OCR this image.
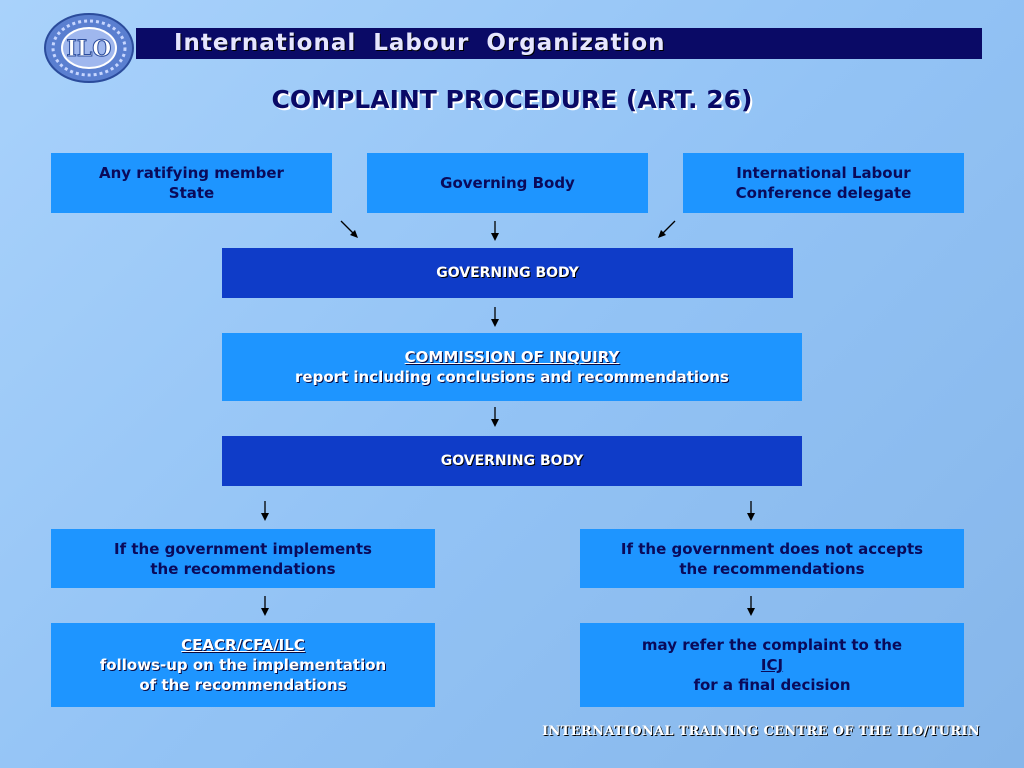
ILO	International Labour Organization
COMPLAINT PROCEDURE (ART. 26)
Any ratifying member
State
Governing Body
International Labour
Conference delegate
GOVERNING BODY
COMMISSION OF INQUIRY
report including conclusions and recommendations
GOVERNING BODY
If the government implements
the recommendations
If the government does not accepts
the recommendations
CEACR/CFA/ILC
follows-up on the implementation
of the recommendations
may refer the complaint to the
ICJ
for a final decision
INTERNATIONAL TRAINING CENTRE OF THE ILO/TURIN
